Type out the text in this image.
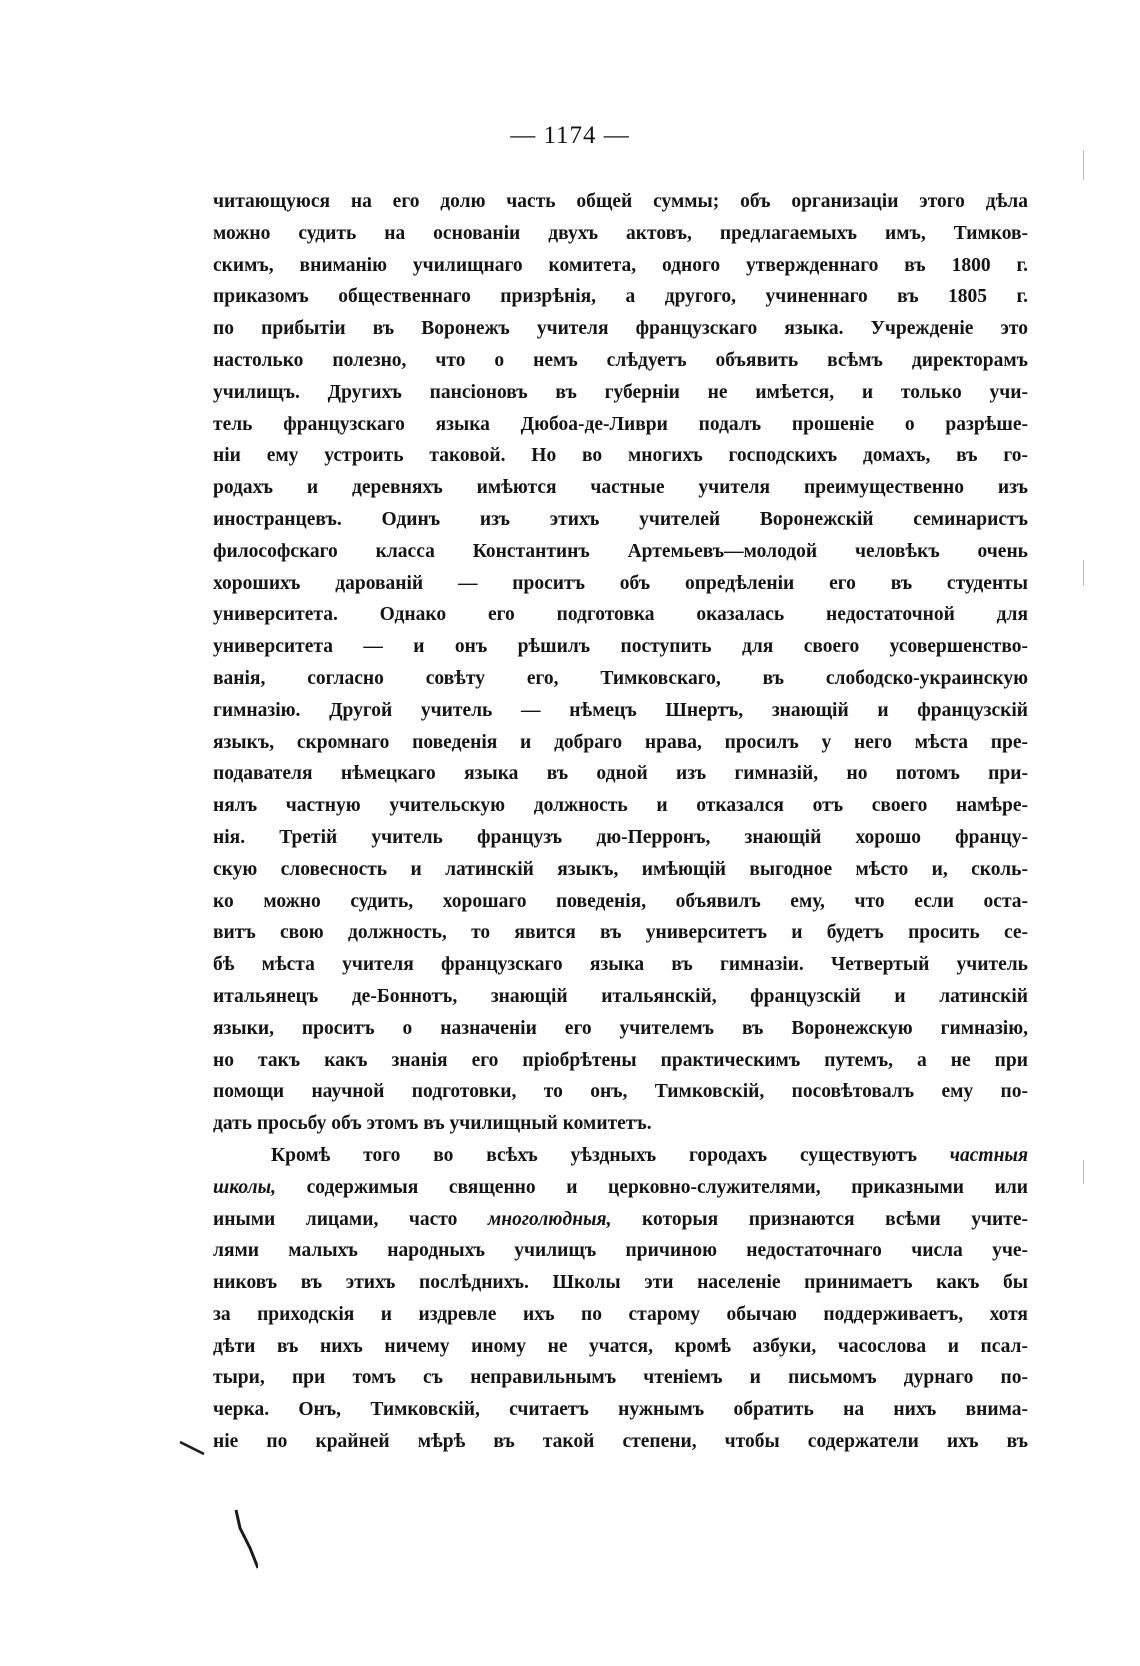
— 1174 —
читающуюся на его долю часть общей суммы; объ организаціи этого дѣла
можно судить на основаніи двухъ актовъ, предлагаемыхъ имъ, Тимков-
скимъ, вниманію училищнаго комитета, одного утвержденнаго въ 1800 г.
приказомъ общественнаго призрѣнія, а другого, учиненнаго въ 1805 г.
по прибытіи въ Воронежъ учителя французскаго языка. Учрежденіе это
настолько полезно, что о немъ слѣдуетъ объявить всѣмъ директорамъ
училищъ. Другихъ пансіоновъ въ губерніи не имѣется, и только учи-
тель французскаго языка Дюбоа-де-Ливри подалъ прошеніе о разрѣше-
ніи ему устроить таковой. Но во многихъ господскихъ домахъ, въ го-
родахъ и деревняхъ имѣются частные учителя преимущественно изъ
иностранцевъ. Одинъ изъ этихъ учителей Воронежскій семинаристъ
философскаго класса Константинъ Артемьевъ—молодой человѣкъ очень
хорошихъ дарованій — проситъ объ опредѣленіи его въ студенты
университета. Однако его подготовка оказалась недостаточной для
университета — и онъ рѣшилъ поступить для своего усовершенство-
ванія, согласно совѣту его, Тимковскаго, въ слободско-украинскую
гимназію. Другой учитель — нѣмецъ Шнертъ, знающій и французскій
языкъ, скромнаго поведенія и добраго нрава, просилъ у него мѣста пре-
подавателя нѣмецкаго языка въ одной изъ гимназій, но потомъ при-
нялъ частную учительскую должность и отказался отъ своего намѣре-
нія. Третій учитель французъ дю-Перронъ, знающій хорошо францу-
скую словесность и латинскій языкъ, имѣющій выгодное мѣсто и, сколь-
ко можно судить, хорошаго поведенія, объявилъ ему, что если оста-
витъ свою должность, то явится въ университетъ и будетъ просить се-
бѣ мѣста учителя французскаго языка въ гимназіи. Четвертый учитель
итальянецъ де-Боннотъ, знающій итальянскій, французскій и латинскій
языки, проситъ о назначеніи его учителемъ въ Воронежскую гимназію,
но такъ какъ знанія его пріобрѣтены практическимъ путемъ, а не при
помощи научной подготовки, то онъ, Тимковскій, посовѣтовалъ ему по-
дать просьбу объ этомъ въ училищный комитетъ.
Кромѣ того во всѣхъ уѣздныхъ городахъ существуютъ частныя
школы, содержимыя священно и церковно-служителями, приказными или
иными лицами, часто многолюдныя, которыя признаются всѣми учите-
лями малыхъ народныхъ училищъ причиною недостаточнаго числа уче-
никовъ въ этихъ послѣднихъ. Школы эти населеніе принимаетъ какъ бы
за приходскія и издревле ихъ по старому обычаю поддерживаетъ, хотя
дѣти въ нихъ ничему иному не учатся, кромѣ азбуки, часослова и псал-
тыри, при томъ съ неправильнымъ чтеніемъ и письмомъ дурнаго по-
черка. Онъ, Тимковскій, считаетъ нужнымъ обратить на нихъ внима-
ніе по крайней мѣрѣ въ такой степени, чтобы содержатели ихъ въ
